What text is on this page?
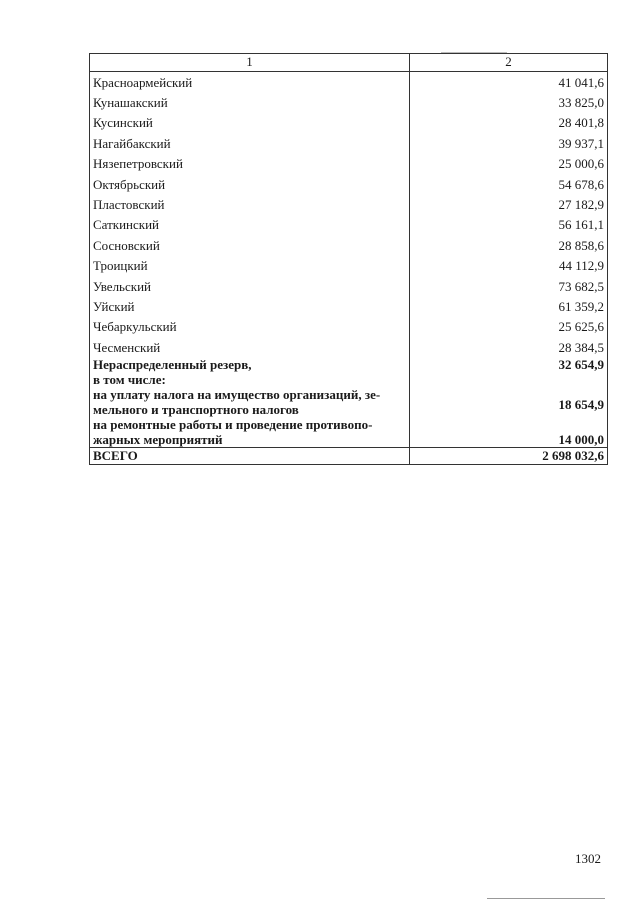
1	2
Красноармейский	41 041,6
Кунашакский	33 825,0
Кусинский	28 401,8
Нагайбакский	39 937,1
Нязепетровский	25 000,6
Октябрьский	54 678,6
Пластовский	27 182,9
Саткинский	56 161,1
Сосновский	28 858,6
Троицкий	44 112,9
Увельский	73 682,5
Уйский	61 359,2
Чебаркульский	25 625,6
Чесменский	28 384,5
Нераспределенный резерв,	32 654,9
в том числе:	

на уплату налога на имущество организаций, зе-
мельного и транспортного налогов	18 654,9

на ремонтные работы и проведение противопо-
жарных мероприятий	14 000,0
ВСЕГО	2 698 032,6
1302
